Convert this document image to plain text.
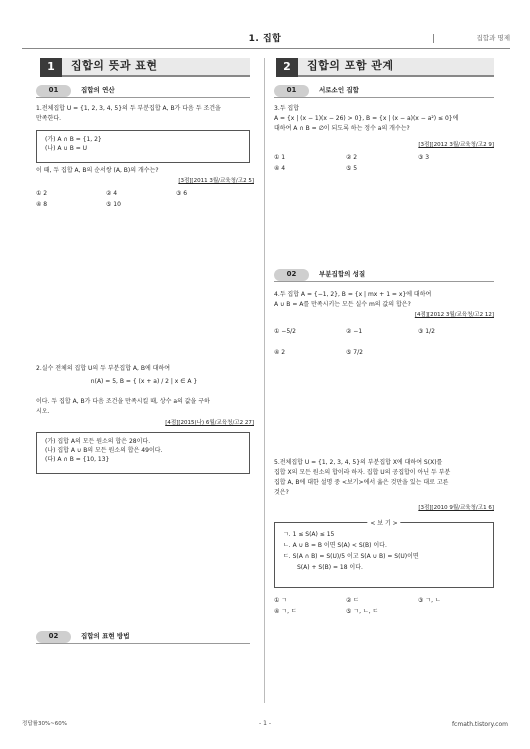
1. 집합	집합과 명제
1	집합의 뜻과 표현
01	집합의 연산
1.전체집합 U = {1, 2, 3, 4, 5}의 두 부분집합 A, B가 다음 두 조건을
만족한다.
(가) A ∩ B = {1, 2}
(나) A ∪ B = U
이 때, 두 집합 A, B의 순서쌍 (A, B)의 개수는?
[3점][2011 3월/교육청/고2 5]
① 2	② 4	③ 6
④ 8	⑤ 10
2.실수 전체의 집합 U의 두 부분집합 A, B에 대하여
n(A) = 5, B = { (x + a) / 2 | x ∈ A }
이다. 두 집합 A, B가 다음 조건을 만족시킬 때, 상수 a의 값을 구하
시오.
[4점][2015(나) 6월/교육청/고2 27]
(가) 집합 A의 모든 원소의 합은 28이다.
(나) 집합 A ∪ B의 모든 원소의 합은 49이다.
(다) A ∩ B = {10, 13}
02	집합의 표현 방법
2	집합의 포함 관계
01	서로소인 집합
3.두 집합
A = {x | (x − 1)(x − 26) > 0}, B = {x | (x − a)(x − a²) ≤ 0}에
대하여 A ∩ B = ∅이 되도록 하는 정수 a의 개수는?
[3점][2012 3월/교육청/고2 9]
① 1	② 2	③ 3
④ 4	⑤ 5
02	부분집합의 성질
4.두 집합 A = {−1, 2}, B = {x | mx + 1 = x}에 대하여
A ∪ B = A를 만족시키는 모든 실수 m의 값의 합은?
[4점][2012 3월/교육청/고2 12]
① −5/2	② −1	③ 1/2
④ 2	⑤ 7/2
5.전체집합 U = {1, 2, 3, 4, 5}의 부분집합 X에 대하여 S(X)를
집합 X의 모든 원소의 합이라 하자. 집합 U의 공집합이 아닌 두 부분
집합 A, B에 대한 설명 중 <보기>에서 옳은 것만을 있는 대로 고른
것은?
[3점][2010 9월/교육청/고1 6]
< 보 기 >
ㄱ. 1 ≤ S(A) ≤ 15
ㄴ. A ∪ B = B 이면 S(A) < S(B) 이다.
ㄷ. S(A ∩ B) = S(U)/5 이고 S(A ∪ B) = S(U)이면
S(A) + S(B) = 18 이다.
① ㄱ	② ㄷ	③ ㄱ, ㄴ
④ ㄱ, ㄷ	⑤ ㄱ, ㄴ, ㄷ
정답률30%~60%	- 1 -	fcmath.tistory.com
